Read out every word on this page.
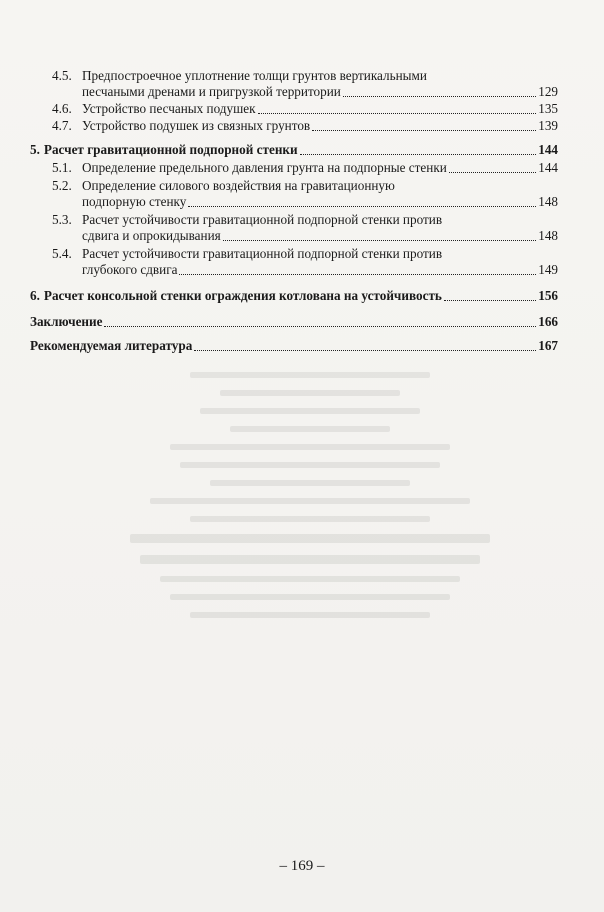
4.5. Предпостроечное уплотнение толщи грунтов вертикальными
песчаными дренами и пригрузкой территории	129
4.6. Устройство песчаных подушек	135
4.7. Устройство подушек из связных грунтов	139
5. Расчет гравитационной подпорной стенки	144
5.1. Определение предельного давления грунта на подпорные стенки	144
5.2. Определение силового воздействия на гравитационную
подпорную стенку	148
5.3. Расчет устойчивости гравитационной подпорной стенки против
сдвига и опрокидывания	148
5.4. Расчет устойчивости гравитационной подпорной стенки против
глубокого сдвига	149
6. Расчет консольной стенки ограждения котлована на устойчивость	156
Заключение	166
Рекомендуемая литература	167
– 169 –
